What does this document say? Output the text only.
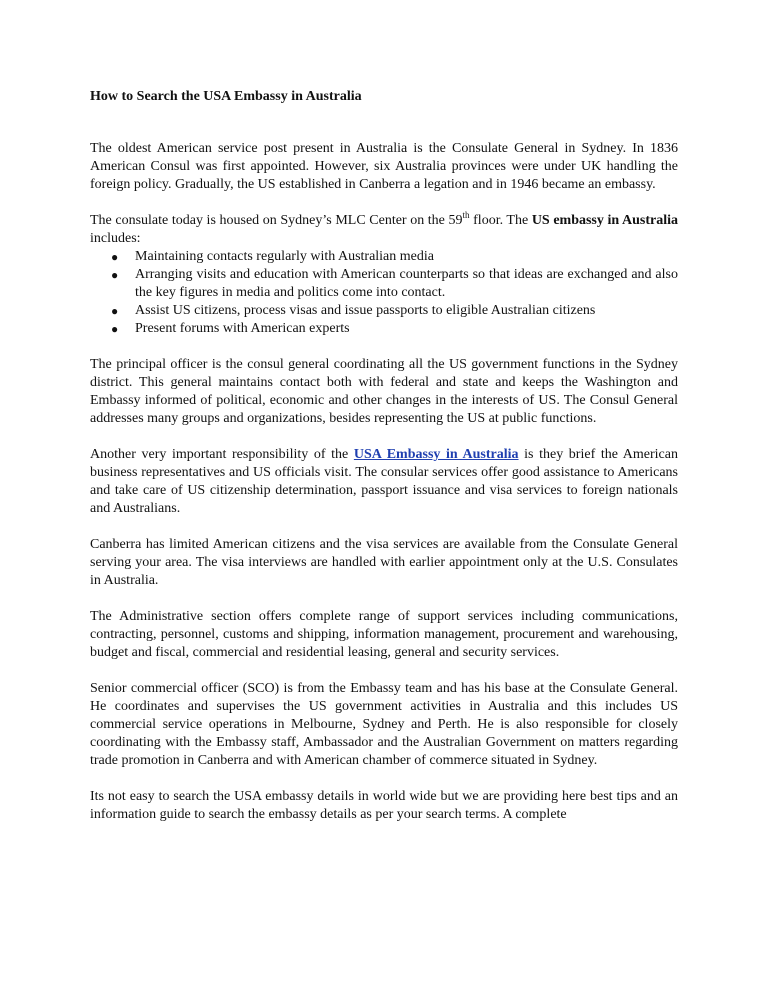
How to Search the USA Embassy in Australia

The oldest American service post present in Australia is the Consulate General in Sydney. In 1836 American Consul was first appointed. However, six Australia provinces were under UK handling the foreign policy. Gradually, the US established in Canberra a legation and in 1946 became an embassy.

The consulate today is housed on Sydney’s MLC Center on the 59th floor. The US embassy in Australia includes:

● Maintaining contacts regularly with Australian media
● Arranging visits and education with American counterparts so that ideas are exchanged and also the key figures in media and politics come into contact.
● Assist US citizens, process visas and issue passports to eligible Australian citizens
● Present forums with American experts

The principal officer is the consul general coordinating all the US government functions in the Sydney district. This general maintains contact both with federal and state and keeps the Washington and Embassy informed of political, economic and other changes in the interests of US. The Consul General addresses many groups and organizations, besides representing the US at public functions.

Another very important responsibility of the USA Embassy in Australia is they brief the American business representatives and US officials visit. The consular services offer good assistance to Americans and take care of US citizenship determination, passport issuance and visa services to foreign nationals and Australians.

Canberra has limited American citizens and the visa services are available from the Consulate General serving your area. The visa interviews are handled with earlier appointment only at the U.S. Consulates in Australia.

The Administrative section offers complete range of support services including communications, contracting, personnel, customs and shipping, information management, procurement and warehousing, budget and fiscal, commercial and residential leasing, general and security services.

Senior commercial officer (SCO) is from the Embassy team and has his base at the Consulate General. He coordinates and supervises the US government activities in Australia and this includes US commercial service operations in Melbourne, Sydney and Perth. He is also responsible for closely coordinating with the Embassy staff, Ambassador and the Australian Government on matters regarding trade promotion in Canberra and with American chamber of commerce situated in Sydney.

Its not easy to search the USA embassy details in world wide but we are providing here best tips and an information guide to search the embassy details as per your search terms. A complete
